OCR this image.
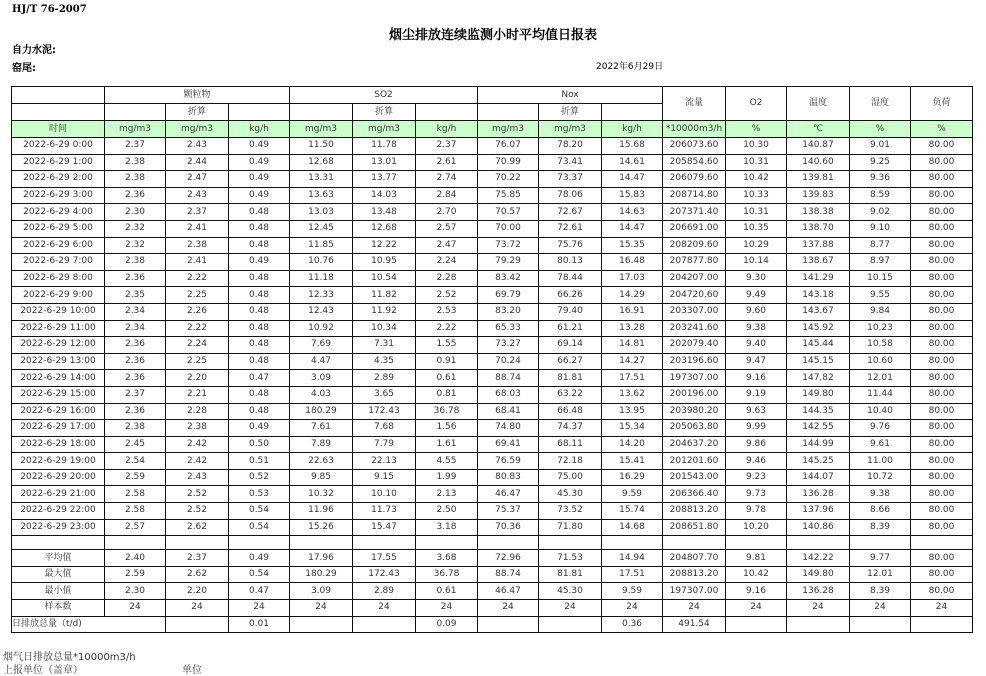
HJ/T 76-2007
烟尘排放连续监测小时平均值日报表
自力水泥:
窑尾:	2022年6月29日
	颗粒物			SO2			Nox			流量	O2	温度	湿度	负荷
		折算			折算			折算						
时间	mg/m3	mg/m3	kg/h	mg/m3	mg/m3	kg/h	mg/m3	mg/m3	kg/h	*10000m3/h	%	℃	%	%
2022-6-29 0:00	2.37	2.43	0.49	11.50	11.78	2.37	76.07	78.20	15.68	206073.60	10.30	140.87	9.01	80.00
2022-6-29 1:00	2.38	2.44	0.49	12.68	13.01	2.61	70.99	73.41	14.61	205854.60	10.31	140.60	9.25	80.00
2022-6-29 2:00	2.38	2.47	0.49	13.31	13.77	2.74	70.22	73.37	14.47	206079.60	10.42	139.81	9.36	80.00
2022-6-29 3:00	2.36	2.43	0.49	13.63	14.03	2.84	75.85	78.06	15.83	208714.80	10.33	139.83	8.59	80.00
2022-6-29 4:00	2.30	2.37	0.48	13.03	13.48	2.70	70.57	72.67	14.63	207371.40	10.31	138.38	9.02	80.00
2022-6-29 5:00	2.32	2.41	0.48	12.45	12.68	2.57	70.00	72.61	14.47	206691.00	10.35	138.70	9.10	80.00
2022-6-29 6:00	2.32	2.38	0.48	11.85	12.22	2.47	73.72	75.76	15.35	208209.60	10.29	137.88	8.77	80.00
2022-6-29 7:00	2.38	2.41	0.49	10.76	10.95	2.24	79.29	80.13	16.48	207877.80	10.14	138.67	8.97	80.00
2022-6-29 8:00	2.36	2.22	0.48	11.18	10.54	2.28	83.42	78.44	17.03	204207.00	9.30	141.29	10.15	80.00
2022-6-29 9:00	2.35	2.25	0.48	12.33	11.82	2.52	69.79	66.26	14.29	204720.60	9.49	143.18	9.55	80.00
2022-6-29 10:00	2.34	2.26	0.48	12.43	11.92	2.53	83.20	79.40	16.91	203307.00	9.60	143.67	9.84	80.00
2022-6-29 11:00	2.34	2.22	0.48	10.92	10.34	2.22	65.33	61.21	13.28	203241.60	9.38	145.92	10.23	80.00
2022-6-29 12:00	2.36	2.24	0.48	7.69	7.31	1.55	73.27	69.14	14.81	202079.40	9.40	145.44	10.58	80.00
2022-6-29 13:00	2.36	2.25	0.48	4.47	4.35	0.91	70.24	66.27	14.27	203196.60	9.47	145.15	10.60	80.00
2022-6-29 14:00	2.36	2.20	0.47	3.09	2.89	0.61	88.74	81.81	17.51	197307.00	9.16	147.82	12.01	80.00
2022-6-29 15:00	2.37	2.21	0.48	4.03	3.65	0.81	68.03	63.22	13.62	200196.00	9.19	149.80	11.44	80.00
2022-6-29 16:00	2.36	2.28	0.48	180.29	172.43	36.78	68.41	66.48	13.95	203980.20	9.63	144.35	10.40	80.00
2022-6-29 17:00	2.38	2.38	0.49	7.61	7.68	1.56	74.80	74.37	15.34	205063.80	9.99	142.55	9.76	80.00
2022-6-29 18:00	2.45	2.42	0.50	7.89	7.79	1.61	69.41	68.11	14.20	204637.20	9.86	144.99	9.61	80.00
2022-6-29 19:00	2.54	2.42	0.51	22.63	22.13	4.55	76.59	72.18	15.41	201201.60	9.46	145.25	11.00	80.00
2022-6-29 20:00	2.59	2.43	0.52	9.85	9.15	1.99	80.83	75.00	16.29	201543.00	9.23	144.07	10.72	80.00
2022-6-29 21:00	2.58	2.52	0.53	10.32	10.10	2.13	46.47	45.30	9.59	206366.40	9.73	136.28	9.38	80.00
2022-6-29 22:00	2.58	2.52	0.54	11.96	11.73	2.50	75.37	73.52	15.74	208813.20	9.78	137.96	8.66	80.00
2022-6-29 23:00	2.57	2.62	0.54	15.26	15.47	3.18	70.36	71.80	14.68	208651.80	10.20	140.86	8.39	80.00

平均值	2.40	2.37	0.49	17.96	17.55	3.68	72.96	71.53	14.94	204807.70	9.81	142.22	9.77	80.00
最大值	2.59	2.62	0.54	180.29	172.43	36.78	88.74	81.81	17.51	208813.20	10.42	149.80	12.01	80.00
最小值	2.30	2.20	0.47	3.09	2.89	0.61	46.47	45.30	9.59	197307.00	9.16	136.28	8.39	80.00
样本数	24	24	24	24	24	24	24	24	24	24	24	24	24	24
日排放总量（t/d)			0.01			0.09			0.36	491.54				
烟气日排放总量*10000m3/h
上报单位（盖章）	单位
